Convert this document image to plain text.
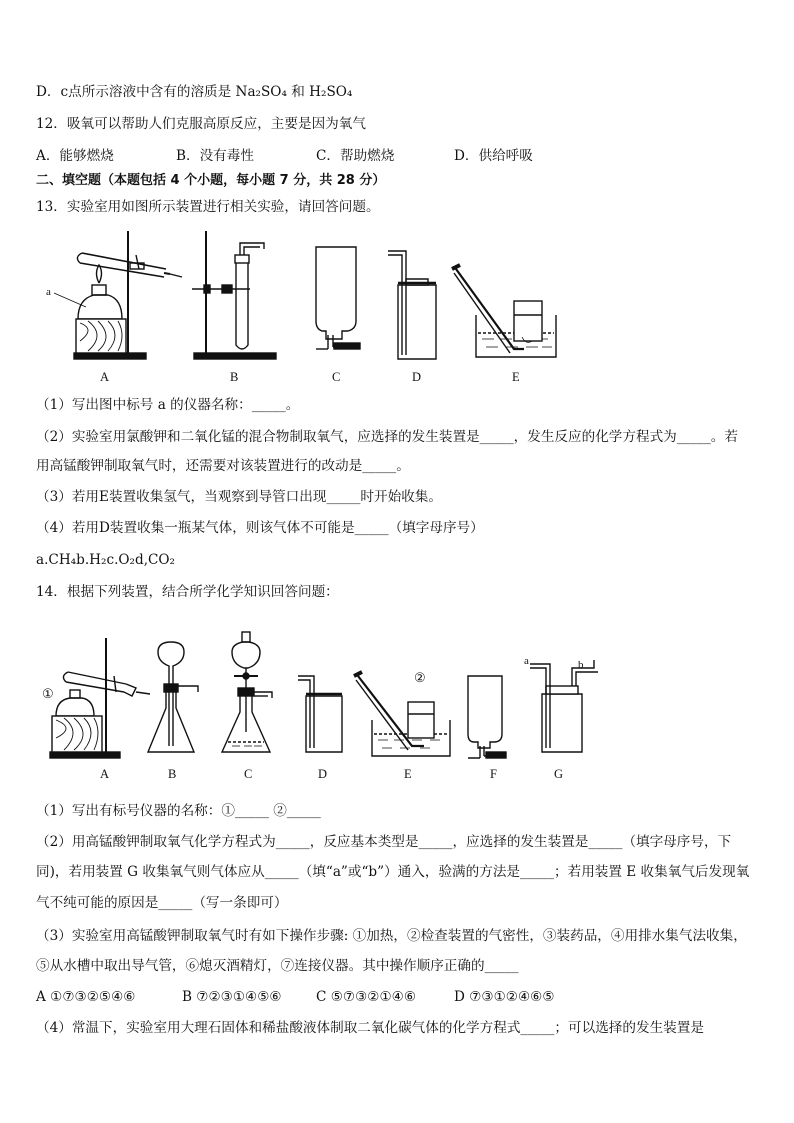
D．c点所示溶液中含有的溶质是 Na₂SO₄ 和 H₂SO₄
12．吸氧可以帮助人们克服高原反应，主要是因为氧气
A．能够燃烧	B．没有毒性	C．帮助燃烧	D．供给呼吸
二、填空题（本题包括 4 个小题，每小题 7 分，共 28 分）
13．实验室用如图所示装置进行相关实验，请回答问题。
a
A	B	C	D	E
（1）写出图中标号 a 的仪器名称：_____。
（2）实验室用氯酸钾和二氧化锰的混合物制取氧气，应选择的发生装置是_____，发生反应的化学方程式为_____。若
用高锰酸钾制取氧气时，还需要对该装置进行的改动是_____。
（3）若用E装置收集氢气，当观察到导管口出现_____时开始收集。
（4）若用D装置收集一瓶某气体，则该气体不可能是_____（填字母序号）
a.CH₄b.H₂c.O₂d,CO₂
14．根据下列装置，结合所学化学知识回答问题：
①
②
a	b
A	B	C	D	E	F	G
（1）写出有标号仪器的名称：①_____ ②_____
（2）用高锰酸钾制取氧气化学方程式为_____，反应基本类型是_____，应选择的发生装置是_____（填字母序号，下
同)，若用装置 G 收集氧气则气体应从_____（填“a”或“b”）通入，验满的方法是_____；若用装置 E 收集氧气后发现氧
气不纯可能的原因是_____（写一条即可）
（3）实验室用高锰酸钾制取氧气时有如下操作步骤: ①加热，②检查装置的气密性，③装药品，④用排水集气法收集，
⑤从水槽中取出导气管，⑥熄灭酒精灯，⑦连接仪器。其中操作顺序正确的_____
A ①⑦③②⑤④⑥	B ⑦②③①④⑤⑥	C ⑤⑦③②①④⑥	D ⑦③①②④⑥⑤
（4）常温下，实验室用大理石固体和稀盐酸液体制取二氧化碳气体的化学方程式_____；可以选择的发生装置是
